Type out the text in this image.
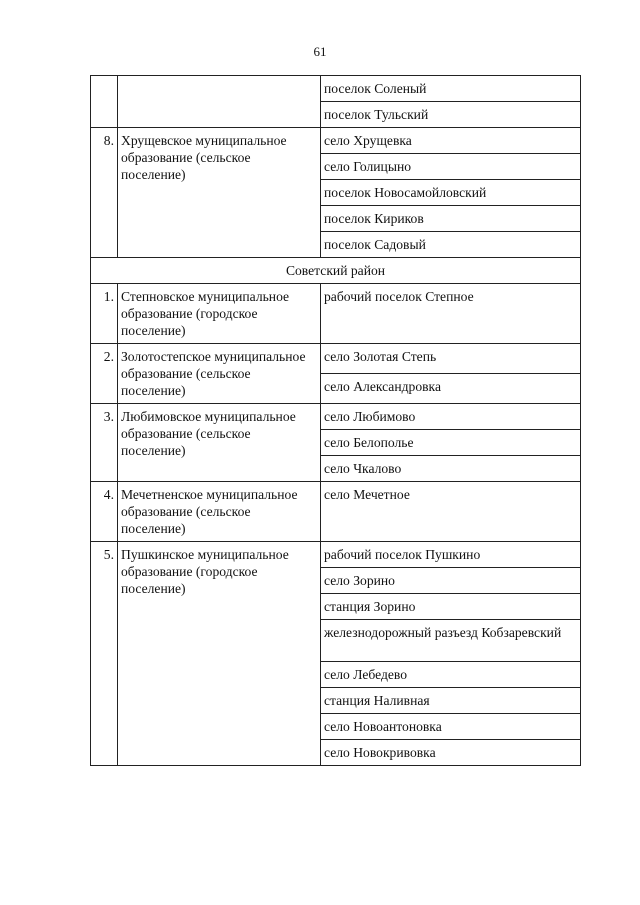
61
		поселок Соленый
		поселок Тульский
8.	Хрущевское муниципальное образование (сельское поселение)	село Хрущевка
		село Голицыно
		поселок Новосамойловский
		поселок Кириков
		поселок Садовый
Советский район		
1.	Степновское муниципальное образование (городское поселение)	рабочий поселок Степное
2.	Золотостепское муниципальное образование (сельское поселение)	село Золотая Степь
		село Александровка
3.	Любимовское муниципальное образование (сельское поселение)	село Любимово
		село Белополье
		село Чкалово
4.	Мечетненское муниципальное образование (сельское поселение)	село Мечетное
5.	Пушкинское муниципальное образование (городское поселение)	рабочий поселок Пушкино
		село Зорино
		станция Зорино
		железнодорожный разъезд Кобзаревский
		село Лебедево
		станция Наливная
		село Новоантоновка
		село Новокривовка
